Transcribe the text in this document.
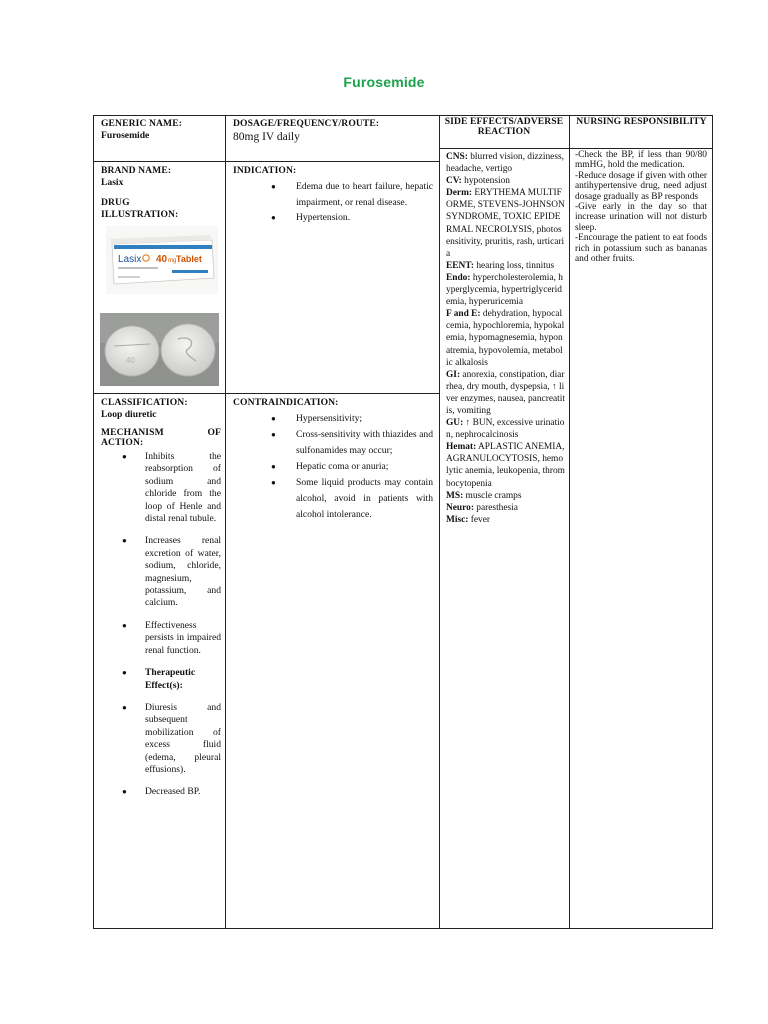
Furosemide
GENERIC NAME:
Furosemide
BRAND NAME:
Lasix
DRUG ILLUSTRATION:
Lasix 40 mg Tablet
40
CLASSIFICATION:
Loop diuretic
MECHANISM OF ACTION:
● Inhibits the reabsorption of sodium and chloride from the loop of Henle and distal renal tubule.
● Increases renal excretion of water, sodium, chloride, magnesium, potassium, and calcium.
● Effectiveness persists in impaired renal function.
● Therapeutic Effect(s):
● Diuresis and subsequent mobilization of excess fluid (edema, pleural effusions).
● Decreased BP.
DOSAGE/FREQUENCY/ROUTE:
80mg IV daily
INDICATION:
● Edema due to heart failure, hepatic impairment, or renal disease.
● Hypertension.
CONTRAINDICATION:
● Hypersensitivity;
● Cross-sensitivity with thiazides and sulfonamides may occur;
● Hepatic coma or anuria;
● Some liquid products may contain alcohol, avoid in patients with alcohol intolerance.
SIDE EFFECTS/ADVERSE REACTION

CNS: blurred vision, dizziness, headache, vertigo

CV: hypotension

Derm: ERYTHEMA MULTIFORME, STEVENS-JOHNSON SYNDROME, TOXIC EPIDERMAL NECROLYSIS, photosensitivity, pruritis, rash, urticaria

EENT: hearing loss, tinnitus

Endo: hypercholesterolemia, hyperglycemia, hypertriglyceridemia, hyperuricemia

F and E: dehydration, hypocalcemia, hypochloremia, hypokalemia, hypomagnesemia, hyponatremia, hypovolemia, metabolic alkalosis

GI: anorexia, constipation, diarrhea, dry mouth, dyspepsia, ↑ liver enzymes, nausea, pancreatitis, vomiting

GU: ↑ BUN, excessive urination, nephrocalcinosis

Hemat: APLASTIC ANEMIA, AGRANULOCYTOSIS, hemolytic anemia, leukopenia, thrombocytopenia

MS: muscle cramps

Neuro: paresthesia

Misc: fever

NURSING RESPONSIBILITY
-Check the BP, if less than 90/80 mmHG, hold the medication.
-Reduce dosage if given with other antihypertensive drug, need adjust dosage gradually as BP responds
-Give early in the day so that increase urination will not disturb sleep.
-Encourage the patient to eat foods rich in potassium such as bananas and other fruits.
